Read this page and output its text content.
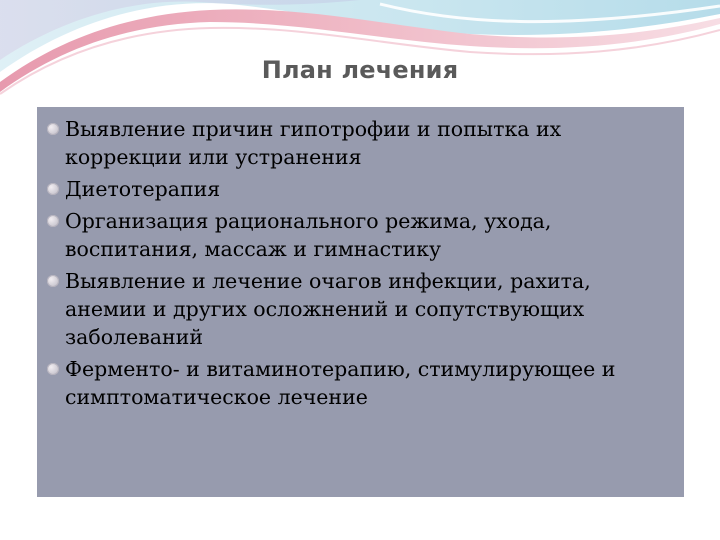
План лечения
Выявление причин гипотрофии и попытка их коррекции или устранения
Диетотерапия
Организация рационального режима, ухода, воспитания, массаж и гимнастику
Выявление и лечение очагов инфекции, рахита, анемии и других осложнений и сопутствующих заболеваний
Ферменто- и витаминотерапию, стимулирующее и симптоматическое лечение
